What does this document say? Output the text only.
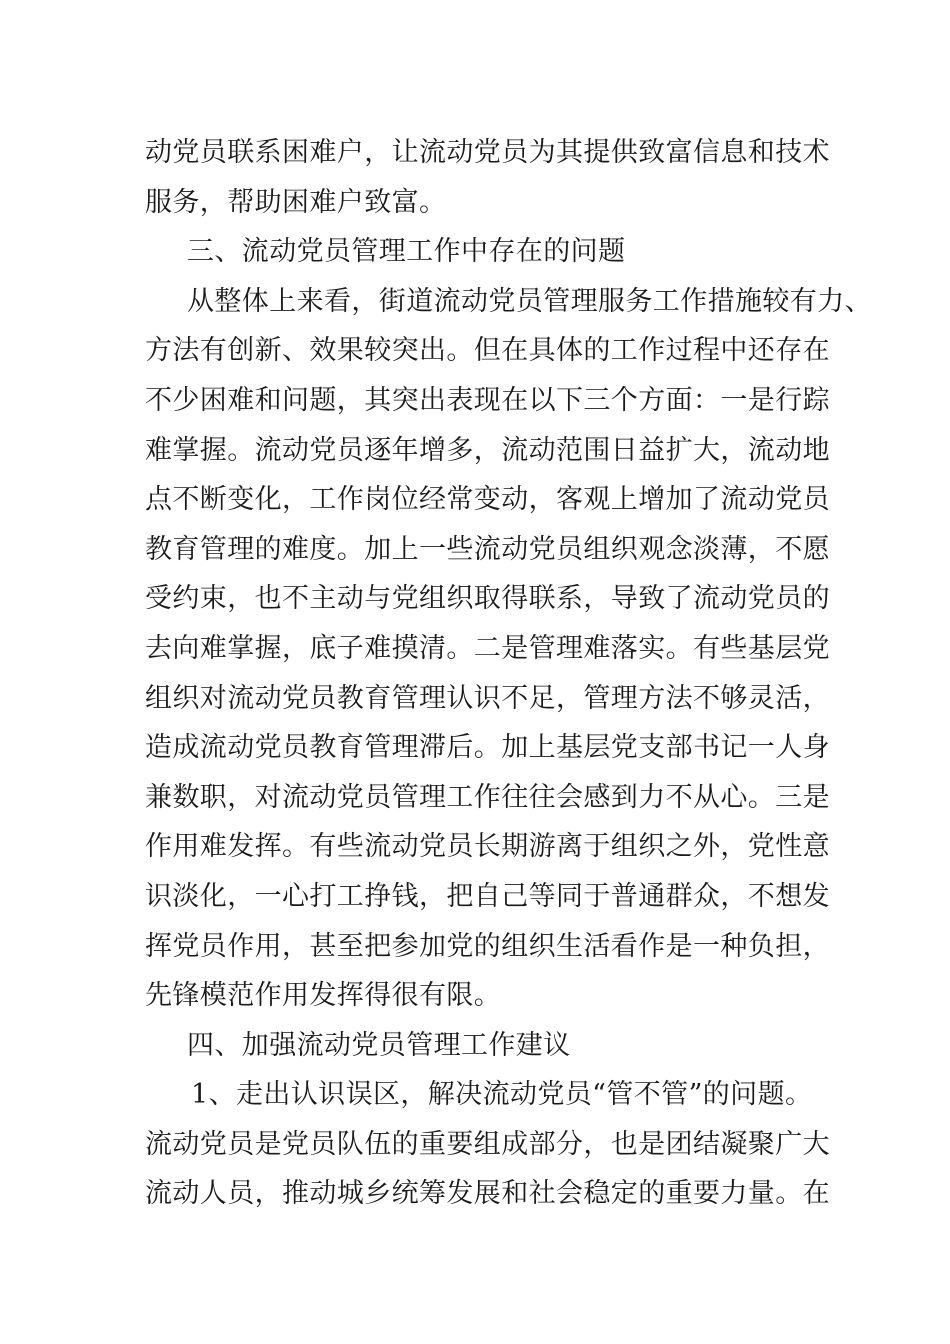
动党员联系困难户，让流动党员为其提供致富信息和技术
服务，帮助困难户致富。
三、流动党员管理工作中存在的问题
从整体上来看，街道流动党员管理服务工作措施较有力、
方法有创新、效果较突出。但在具体的工作过程中还存在
不少困难和问题，其突出表现在以下三个方面：一是行踪
难掌握。流动党员逐年增多，流动范围日益扩大，流动地
点不断变化，工作岗位经常变动，客观上增加了流动党员
教育管理的难度。加上一些流动党员组织观念淡薄，不愿
受约束，也不主动与党组织取得联系，导致了流动党员的
去向难掌握，底子难摸清。二是管理难落实。有些基层党
组织对流动党员教育管理认识不足，管理方法不够灵活，
造成流动党员教育管理滞后。加上基层党支部书记一人身
兼数职，对流动党员管理工作往往会感到力不从心。三是
作用难发挥。有些流动党员长期游离于组织之外，党性意
识淡化，一心打工挣钱，把自己等同于普通群众，不想发
挥党员作用，甚至把参加党的组织生活看作是一种负担，
先锋模范作用发挥得很有限。
四、加强流动党员管理工作建议
1、走出认识误区，解决流动党员“管不管”的问题。
流动党员是党员队伍的重要组成部分，也是团结凝聚广大
流动人员，推动城乡统筹发展和社会稳定的重要力量。在
